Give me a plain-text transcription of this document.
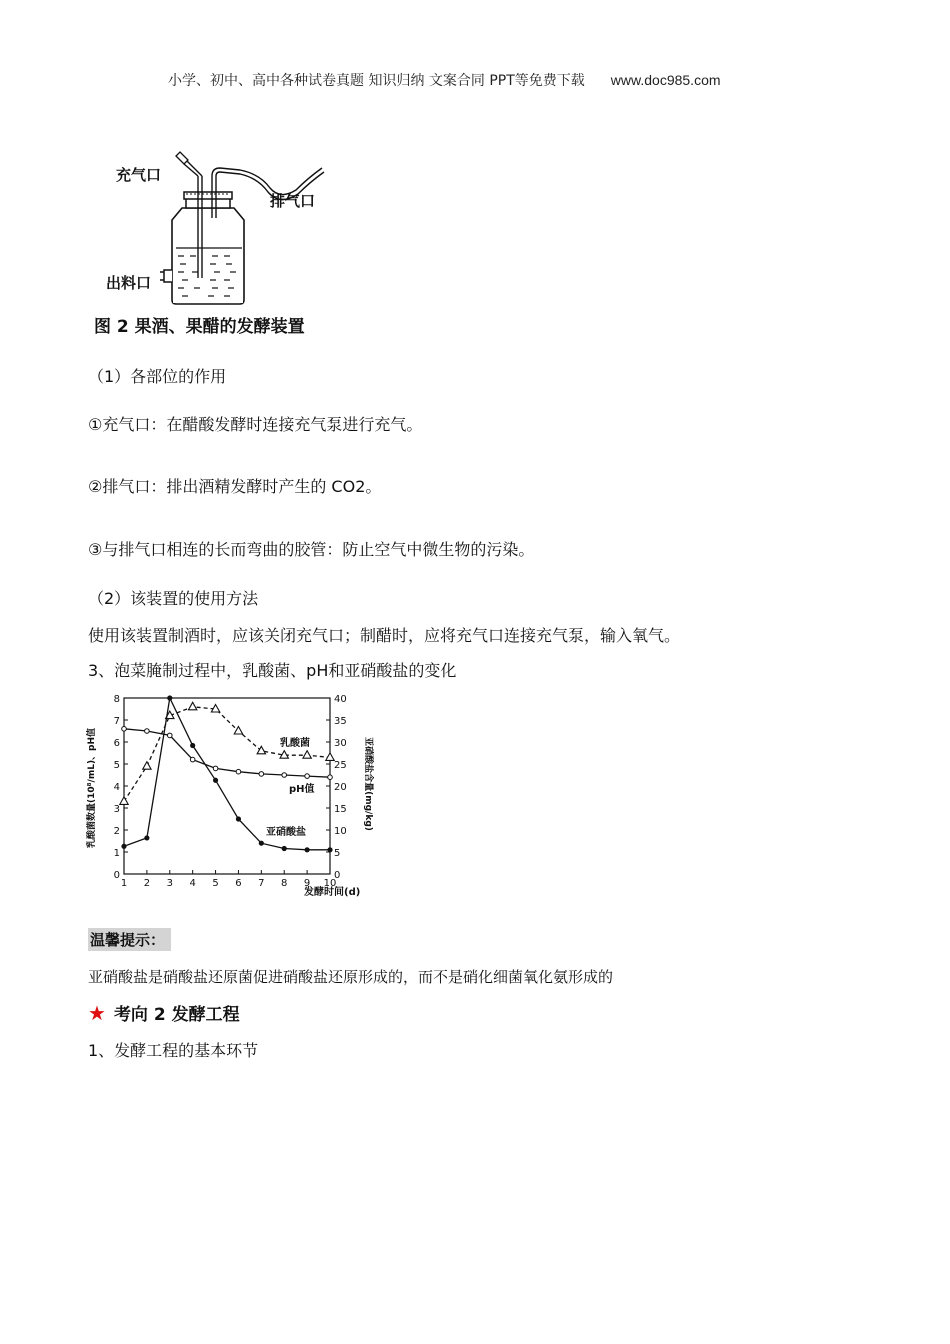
小学、初中、高中各种试卷真题 知识归纳 文案合同 PPT等免费下载 www.doc985.com
充气口
排气口
出料口
图 2 果酒、果醋的发酵装置
（1）各部位的作用
①充气口：在醋酸发酵时连接充气泵进行充气。
②排气口：排出酒精发酵时产生的 CO2。
③与排气口相连的长而弯曲的胶管：防止空气中微生物的污染。
（2）该装置的使用方法
使用该装置制酒时，应该关闭充气口；制醋时，应将充气口连接充气泵，输入氧气。
3、泡菜腌制过程中，乳酸菌、pH和亚硝酸盐的变化
0
1
2
3
4
5
6
7
8
0
5
10
15
20
25
30
35
40
1 2 3 4 5 6 7 8 9 10
乳酸菌数量(10⁸/mL)、pH值	亚硝酸盐含量(mg/kg)
发酵时间(d)
乳酸菌
pH值
亚硝酸盐
温馨提示：
亚硝酸盐是硝酸盐还原菌促进硝酸盐还原形成的，而不是硝化细菌氧化氨形成的
★ 考向 2 发酵工程
1、发酵工程的基本环节
